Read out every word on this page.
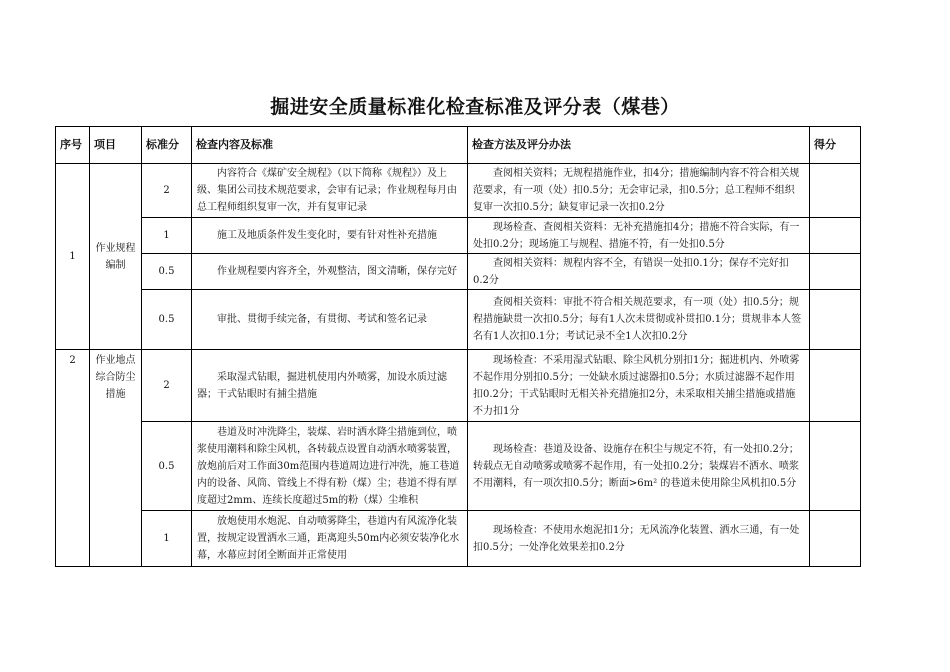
掘进安全质量标准化检查标准及评分表（煤巷）
序号	项目	标准分	检查内容及标准	检查方法及评分办法	得分
1	作业规程编制	2	内容符合《煤矿安全规程》（以下简称《规程》）及上级、集团公司技术规范要求，会审有记录；作业规程每月由总工程师组织复审一次，并有复审记录	查阅相关资料；无规程措施作业，扣4分；措施编制内容不符合相关规范要求，有一项（处）扣0.5分；无会审记录，扣0.5分；总工程师不组织复审一次扣0.5分；缺复审记录一次扣0.2分	
		1	施工及地质条件发生变化时，要有针对性补充措施	现场检查、查阅相关资料：无补充措施扣4分；措施不符合实际，有一处扣0.2分；现场施工与规程、措施不符，有一处扣0.5分	
		0.5	作业规程要内容齐全，外观整洁，图文清晰，保存完好	查阅相关资料：规程内容不全，有错误一处扣0.1分；保存不完好扣0.2分	
		0.5	审批、贯彻手续完备，有贯彻、考试和签名记录	查阅相关资料：审批不符合相关规范要求，有一项（处）扣0.5分；规程措施缺贯一次扣0.5分；每有1人次未贯彻或补贯扣0.1分；贯规非本人签名有1人次扣0.1分；考试记录不全1人次扣0.2分	
2	作业地点综合防尘措施	2	采取湿式钻眼，掘进机使用内外喷雾，加设水质过滤器；干式钻眼时有捕尘措施	现场检查：不采用湿式钻眼、除尘风机分别扣1分；掘进机内、外喷雾不起作用分别扣0.5分；一处缺水质过滤器扣0.5分；水质过滤器不起作用扣0.2分；干式钻眼时无相关补充措施扣2分，未采取相关捕尘措施或措施不力扣1分	
		0.5	巷道及时冲洗降尘，装煤、岩时洒水降尘措施到位，喷浆使用潮料和除尘风机，各转载点设置自动洒水喷雾装置，放炮前后对工作面30m范围内巷道周边进行冲洗，施工巷道内的设备、风筒、管线上不得有粉（煤）尘；巷道不得有厚度超过2mm、连续长度超过5m的粉（煤）尘堆积	现场检查：巷道及设备、设施存在积尘与规定不符，有一处扣0.2分；转载点无自动喷雾或喷雾不起作用，有一处扣0.2分；装煤岩不洒水、喷浆不用潮料，有一项次扣0.5分；断面>6m² 的巷道未使用除尘风机扣0.5分	
		1	放炮使用水炮泥、自动喷雾降尘，巷道内有风流净化装置，按规定设置洒水三通，距离迎头50m内必须安装净化水幕，水幕应封闭全断面并正常使用	现场检查：不使用水炮泥扣1分；无风流净化装置、洒水三通，有一处扣0.5分；一处净化效果差扣0.2分	
